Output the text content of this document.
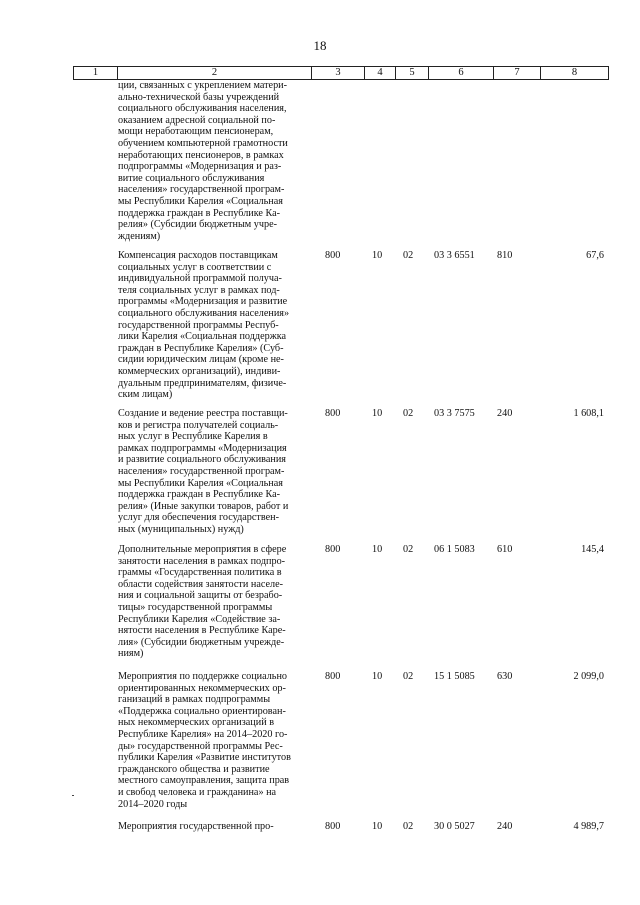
18
1	2	3	4	5	6	7	8
ции, связанных с укреплением матери-
ально-технической базы учреждений
социального обслуживания населения,
оказанием адресной социальной по-
мощи неработающим пенсионерам,
обучением компьютерной грамотности
неработающих пенсионеров, в рамках
подпрограммы «Модернизация и раз-
витие социального обслуживания
населения» государственной програм-
мы Республики Карелия «Социальная
поддержка граждан в Республике Ка-
релия» (Субсидии бюджетным учре-
ждениям)
Компенсация расходов поставщикам
социальных услуг в соответствии с
индивидуальной программой получа-
теля социальных услуг в рамках под-
программы «Модернизация и развитие
социального обслуживания населения»
государственной программы Респуб-
лики Карелия «Социальная поддержка
граждан в Республике Карелия» (Суб-
сидии юридическим лицам (кроме не-
коммерческих организаций), индиви-
дуальным предпринимателям, физиче-
ским лицам)
800	10	02	03 3 6551	810	67,6
Создание и ведение реестра поставщи-
ков и регистра получателей социаль-
ных услуг в Республике Карелия в
рамках подпрограммы «Модернизация
и развитие социального обслуживания
населения» государственной програм-
мы Республики Карелия «Социальная
поддержка граждан в Республике Ка-
релия» (Иные закупки товаров, работ и
услуг для обеспечения государствен-
ных (муниципальных) нужд)
800	10	02	03 3 7575	240	1 608,1
Дополнительные мероприятия в сфере
занятости населения в рамках подпро-
граммы «Государственная политика в
области содействия занятости населе-
ния и социальной защиты от безрабо-
тицы» государственной программы
Республики Карелия «Содействие за-
нятости населения в Республике Каре-
лия» (Субсидии бюджетным учрежде-
ниям)
800	10	02	06 1 5083	610	145,4
Мероприятия по поддержке социально
ориентированных некоммерческих ор-
ганизаций в рамках подпрограммы
«Поддержка социально ориентирован-
ных некоммерческих организаций в
Республике Карелия» на 2014–2020 го-
ды» государственной программы Рес-
публики Карелия «Развитие институтов
гражданского общества и развитие
местного самоуправления, защита прав
и свобод человека и гражданина» на
2014–2020 годы
800	10	02	15 1 5085	630	2 099,0
Мероприятия государственной про-	800	10	02	30 0 5027	240	4 989,7
